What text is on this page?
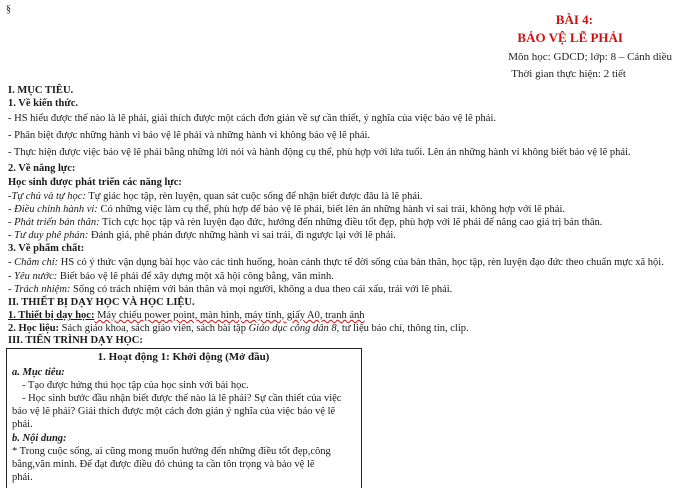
§
BÀI 4:
BẢO VỆ LẼ PHẢI
Môn học: GDCD; lớp: 8 – Cánh diều
Thời gian thực hiện: 2 tiết
I. MỤC TIÊU.
1. Về kiến thức.
- HS hiểu được thế nào là lẽ phải, giải thích được một cách đơn giản về sự cần thiết, ý nghĩa của việc bảo vệ lẽ phải.
- Phân biệt được những hành vi bảo vệ lẽ phải và những hành vi không bảo vệ lẽ phải.
- Thực hiện được việc bảo vệ lẽ phải bằng những lời nói và hành động cụ thể, phù hợp với lứa tuổi. Lên án những hành vi không biết bảo vệ lẽ phải.
2. Về năng lực:
Học sinh được phát triển các năng lực:
-Tự chủ và tự học: Tự giác học tập, rèn luyện, quan sát cuộc sống để nhận biết được đâu là lẽ phải.
- Điều chỉnh hành vi: Có những việc làm cụ thể, phù hợp để bảo vệ lẽ phải, biết lên án những hành vi sai trái, không hợp với lẽ phải.
- Phát triển bản thân: Tích cực học tập và rèn luyện đạo đức, hướng đến những điều tốt đẹp, phù hợp với lẽ phải để nâng cao giá trị bản thân.
- Tư duy phê phán: Đánh giá, phê phán được những hành vi sai trái, đi ngược lại với lẽ phải.
3. Về phẩm chất:
- Chăm chỉ: HS có ý thức vận dụng bài học vào các tình huống, hoàn cảnh thực tế đời sống của bản thân, học tập, rèn luyện đạo đức theo chuẩn mực xã hội.
- Yêu nước: Biết bảo vệ lẽ phải để xây dựng một xã hội công bằng, văn minh.
- Trách nhiệm: Sống có trách nhiệm với bản thân và mọi người, không a dua theo cái xấu, trái với lẽ phải.
II. THIẾT BỊ DẠY HỌC VÀ HỌC LIỆU.
1. Thiết bị dạy học: Máy chiếu power point, màn hình, máy tính, giấy A0, tranh ảnh
2. Học liệu: Sách giáo khoa, sách giáo viên, sách bài tập Giáo dục công dân 8, tư liệu báo chí, thông tin, clip.
III. TIẾN TRÌNH DẠY HỌC:
1. Hoạt động 1: Khởi động (Mở đầu)
a. Mục tiêu:
- Tạo được hứng thú học tập của học sinh với bài học.
- Học sinh bước đầu nhận biết được thế nào là lẽ phải? Sự cần thiết của việc
bảo vệ lẽ phải? Giải thích được một cách đơn giản ý nghĩa của việc bảo vệ lẽ
phải.
b. Nội dung:
* Trong cuộc sống, ai cũng mong muốn hướng đến những điều tốt đẹp,công
bằng,văn minh. Để đạt được điều đó chúng ta cần tôn trọng và bảo vệ lẽ
phải.
